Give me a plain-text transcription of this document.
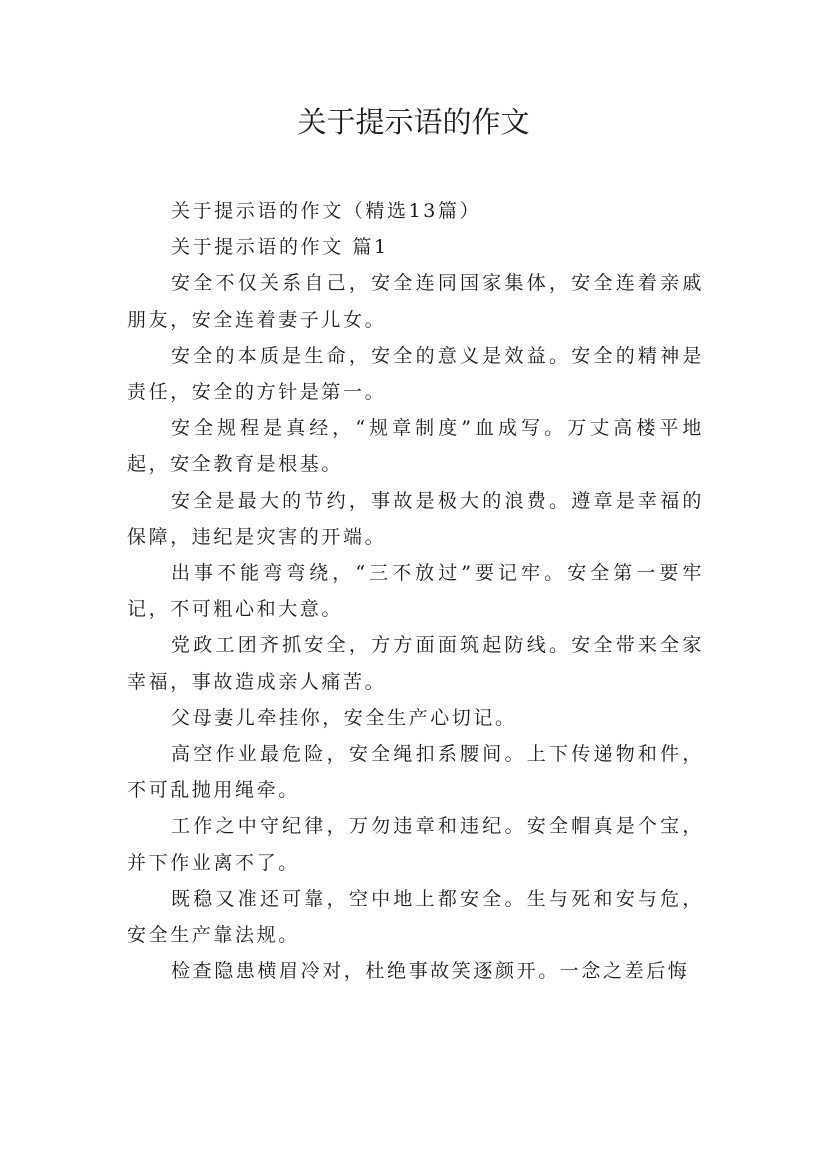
关于提示语的作文

关于提示语的作文（精选13篇）

关于提示语的作文 篇1

安全不仅关系自己，安全连同国家集体，安全连着亲戚朋友，安全连着妻子儿女。

安全的本质是生命，安全的意义是效益。安全的精神是责任，安全的方针是第一。

安全规程是真经，“规章制度”血成写。万丈高楼平地起，安全教育是根基。

安全是最大的节约，事故是极大的浪费。遵章是幸福的保障，违纪是灾害的开端。

出事不能弯弯绕，“三不放过”要记牢。安全第一要牢记，不可粗心和大意。

党政工团齐抓安全，方方面面筑起防线。安全带来全家幸福，事故造成亲人痛苦。

父母妻儿牵挂你，安全生产心切记。

高空作业最危险，安全绳扣系腰间。上下传递物和件，不可乱抛用绳牵。

工作之中守纪律，万勿违章和违纪。安全帽真是个宝，并下作业离不了。

既稳又准还可靠，空中地上都安全。生与死和安与危，安全生产靠法规。

检查隐患横眉冷对，杜绝事故笑逐颜开。一念之差后悔
